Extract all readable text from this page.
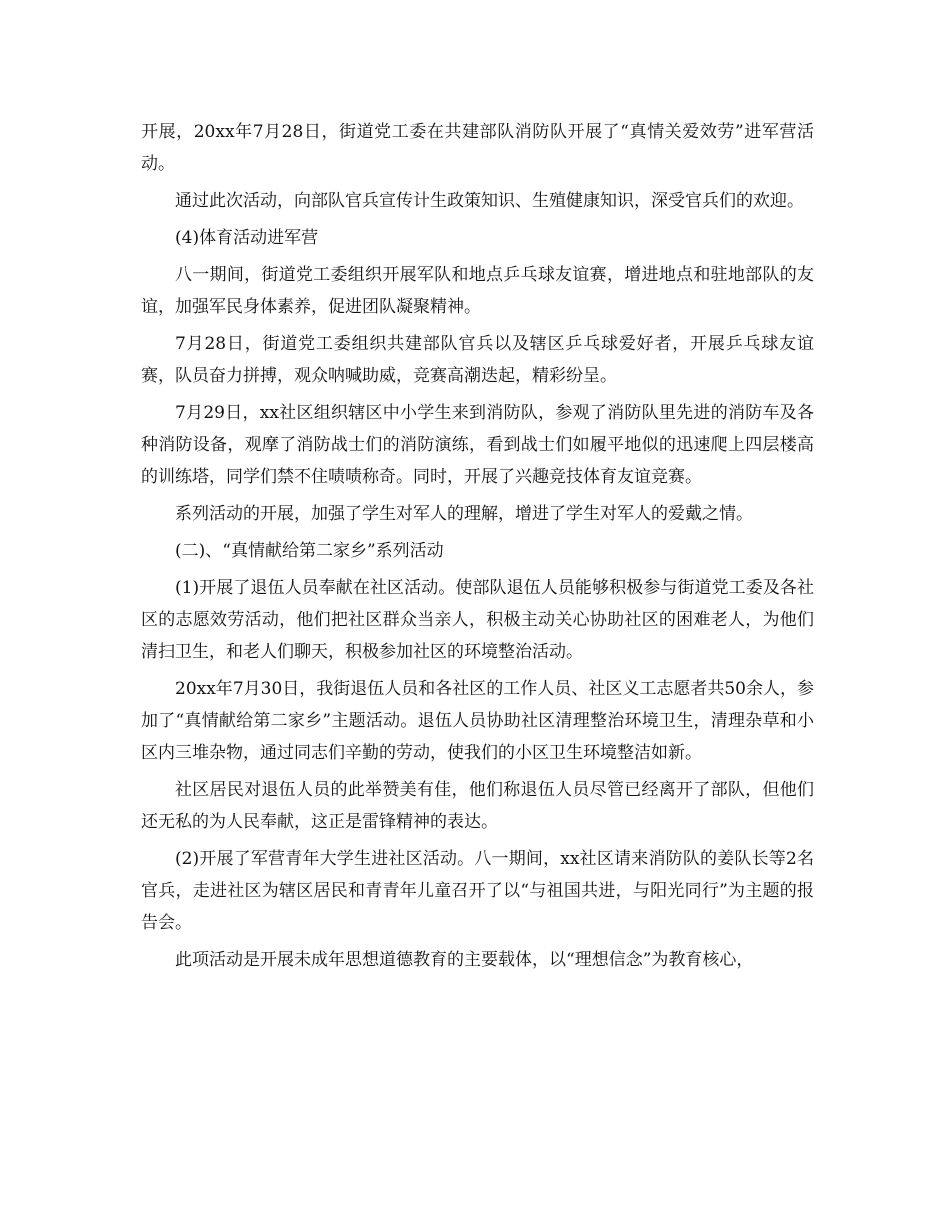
开展，20xx年7月28日，街道党工委在共建部队消防队开展了“真情关爱效劳”进军营活动。

通过此次活动，向部队官兵宣传计生政策知识、生殖健康知识，深受官兵们的欢迎。

(4)体育活动进军营

八一期间，街道党工委组织开展军队和地点乒乓球友谊赛，增进地点和驻地部队的友谊，加强军民身体素养，促进团队凝聚精神。

7月28日，街道党工委组织共建部队官兵以及辖区乒乓球爱好者，开展乒乓球友谊赛，队员奋力拼搏，观众呐喊助威，竞赛高潮迭起，精彩纷呈。

7月29日，xx社区组织辖区中小学生来到消防队，参观了消防队里先进的消防车及各种消防设备，观摩了消防战士们的消防演练，看到战士们如履平地似的迅速爬上四层楼高的训练塔，同学们禁不住啧啧称奇。同时，开展了兴趣竞技体育友谊竞赛。

系列活动的开展，加强了学生对军人的理解，增进了学生对军人的爱戴之情。

(二)、“真情献给第二家乡”系列活动

(1)开展了退伍人员奉献在社区活动。使部队退伍人员能够积极参与街道党工委及各社区的志愿效劳活动，他们把社区群众当亲人，积极主动关心协助社区的困难老人，为他们清扫卫生，和老人们聊天，积极参加社区的环境整治活动。

20xx年7月30日，我街退伍人员和各社区的工作人员、社区义工志愿者共50余人，参加了“真情献给第二家乡”主题活动。退伍人员协助社区清理整治环境卫生，清理杂草和小区内三堆杂物，通过同志们辛勤的劳动，使我们的小区卫生环境整洁如新。

社区居民对退伍人员的此举赞美有佳，他们称退伍人员尽管已经离开了部队，但他们还无私的为人民奉献，这正是雷锋精神的表达。

(2)开展了军营青年大学生进社区活动。八一期间，xx社区请来消防队的姜队长等2名官兵，走进社区为辖区居民和青青年儿童召开了以“与祖国共进，与阳光同行”为主题的报告会。

此项活动是开展未成年思想道德教育的主要载体，以“理想信念”为教育核心，
